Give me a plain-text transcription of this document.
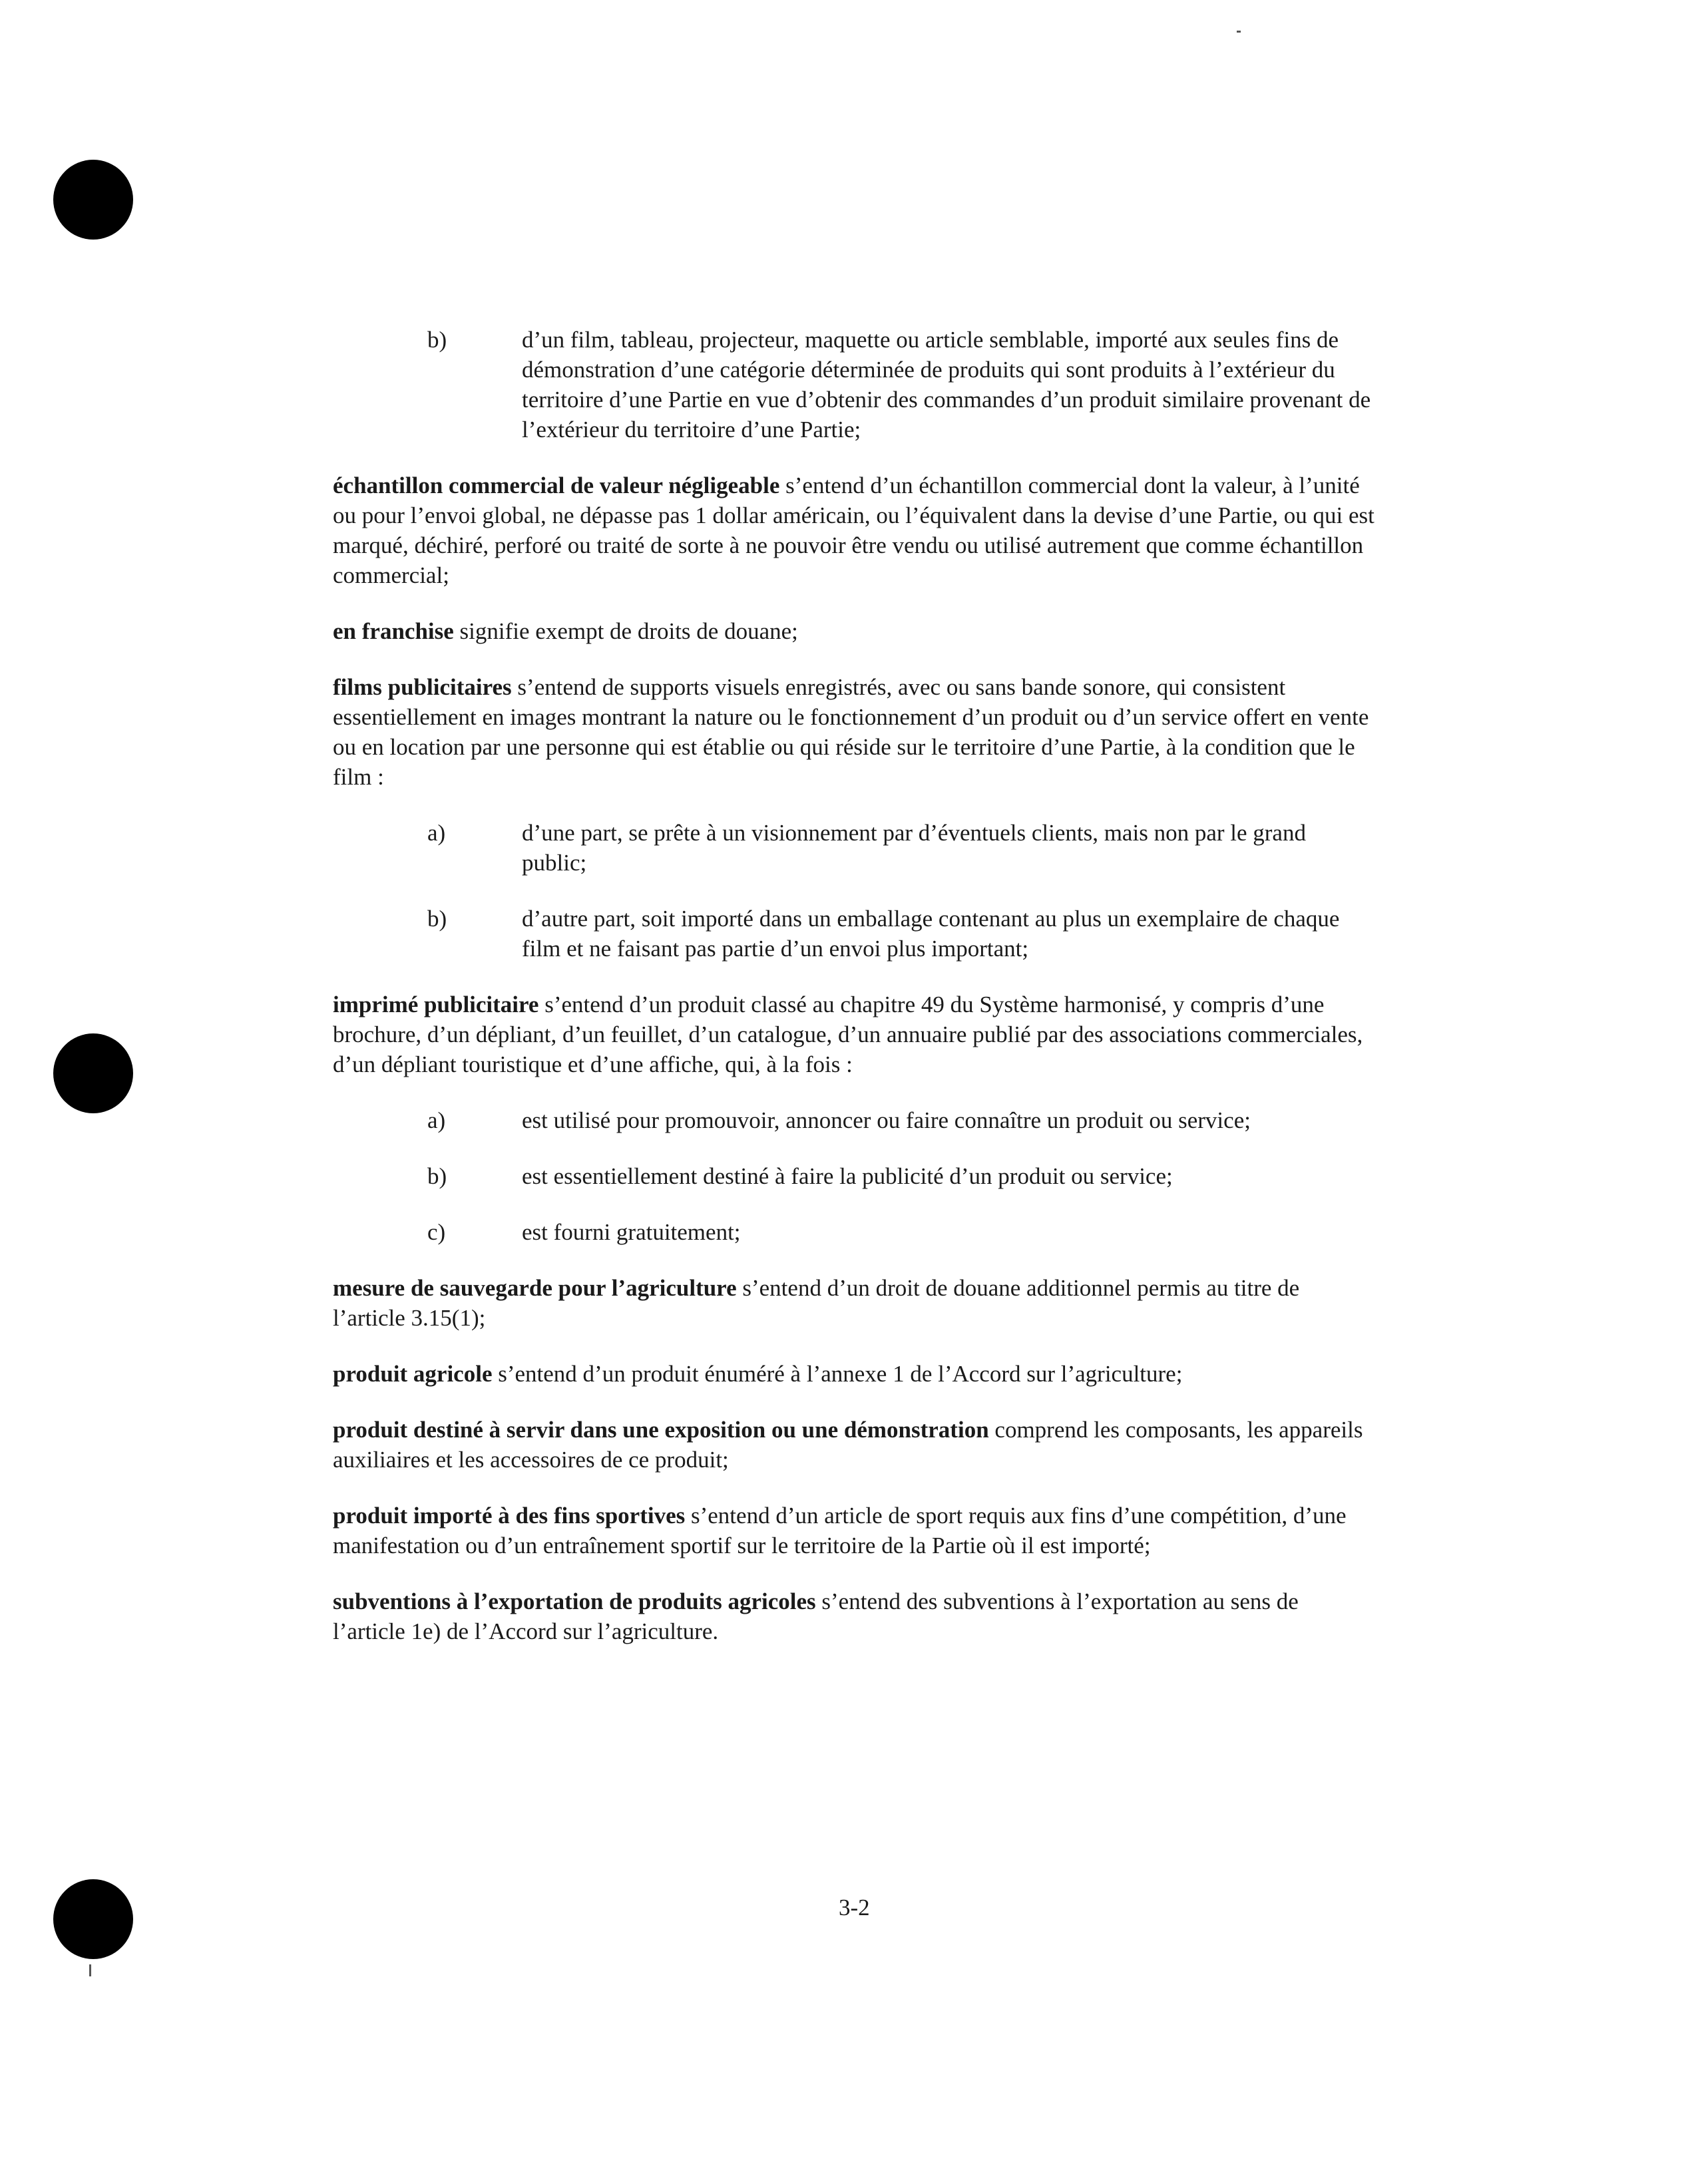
b)	d’un film, tableau, projecteur, maquette ou article semblable, importé aux seules fins de démonstration d’une catégorie déterminée de produits qui sont produits à l’extérieur du territoire d’une Partie en vue d’obtenir des commandes d’un produit similaire provenant de l’extérieur du territoire d’une Partie;

échantillon commercial de valeur négligeable s’entend d’un échantillon commercial dont la valeur, à l’unité ou pour l’envoi global, ne dépasse pas 1 dollar américain, ou l’équivalent dans la devise d’une Partie, ou qui est marqué, déchiré, perforé ou traité de sorte à ne pouvoir être vendu ou utilisé autrement que comme échantillon commercial;

en franchise signifie exempt de droits de douane;

films publicitaires s’entend de supports visuels enregistrés, avec ou sans bande sonore, qui consistent essentiellement en images montrant la nature ou le fonctionnement d’un produit ou d’un service offert en vente ou en location par une personne qui est établie ou qui réside sur le territoire d’une Partie, à la condition que le film :

a)	d’une part, se prête à un visionnement par d’éventuels clients, mais non par le grand public;
b)	d’autre part, soit importé dans un emballage contenant au plus un exemplaire de chaque film et ne faisant pas partie d’un envoi plus important;

imprimé publicitaire s’entend d’un produit classé au chapitre 49 du Système harmonisé, y compris d’une brochure, d’un dépliant, d’un feuillet, d’un catalogue, d’un annuaire publié par des associations commerciales, d’un dépliant touristique et d’une affiche, qui, à la fois :

a)	est utilisé pour promouvoir, annoncer ou faire connaître un produit ou service;
b)	est essentiellement destiné à faire la publicité d’un produit ou service;
c)	est fourni gratuitement;

mesure de sauvegarde pour l’agriculture s’entend d’un droit de douane additionnel permis au titre de l’article 3.15(1);

produit agricole s’entend d’un produit énuméré à l’annexe 1 de l’Accord sur l’agriculture;

produit destiné à servir dans une exposition ou une démonstration comprend les composants, les appareils auxiliaires et les accessoires de ce produit;

produit importé à des fins sportives s’entend d’un article de sport requis aux fins d’une compétition, d’une manifestation ou d’un entraînement sportif sur le territoire de la Partie où il est importé;

subventions à l’exportation de produits agricoles s’entend des subventions à l’exportation au sens de l’article 1e) de l’Accord sur l’agriculture.

3-2
